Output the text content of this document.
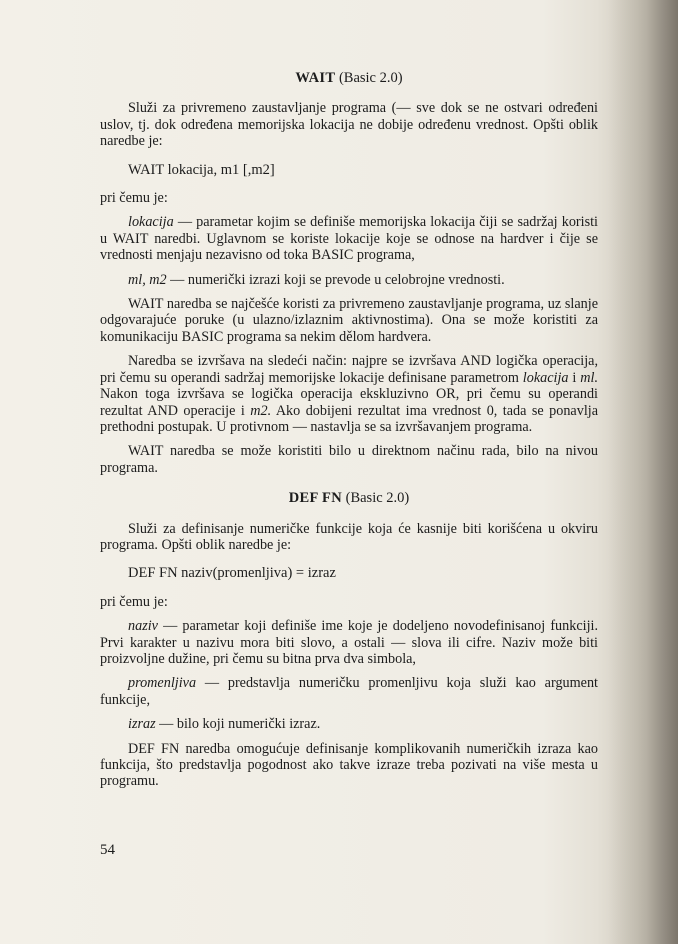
WAIT (Basic 2.0)

Služi za privremeno zaustavljanje programa (— sve dok se ne ostvari određeni uslov, tj. dok određena memorijska lokacija ne dobije određenu vrednost. Opšti oblik naredbe je:

WAIT lokacija, m1 [,m2]

pri čemu je:

lokacija — parametar kojim se definiše memorijska lokacija čiji se sadržaj koristi u WAIT naredbi. Uglavnom se koriste lokacije koje se odnose na hardver i čije se vrednosti menjaju nezavisno od toka BASIC programa,

ml, m2 — numerički izrazi koji se prevode u celobrojne vrednosti.

WAIT naredba se najčešće koristi za privremeno zaustavljanje programa, uz slanje odgovarajuće poruke (u ulazno/izlaznim aktivnostima). Ona se može koristiti za komunikaciju BASIC programa sa nekim dělom hardvera.

Naredba se izvršava na sledeći način: najpre se izvršava AND logička operacija, pri čemu su operandi sadržaj memorijske lokacije definisane parametrom lokacija i ml. Nakon toga izvršava se logička operacija ekskluzivno OR, pri čemu su operandi rezultat AND operacije i m2. Ako dobijeni rezultat ima vrednost 0, tada se ponavlja prethodni postupak. U protivnom — nastavlja se sa izvršavanjem programa.

WAIT naredba se može koristiti bilo u direktnom načinu rada, bilo na nivou programa.

DEF FN (Basic 2.0)

Služi za definisanje numeričke funkcije koja će kasnije biti korišćena u okviru programa. Opšti oblik naredbe je:

DEF FN naziv(promenljiva) = izraz

pri čemu je:

naziv — parametar koji definiše ime koje je dodeljeno novodefinisanoj funkciji. Prvi karakter u nazivu mora biti slovo, a ostali — slova ili cifre. Naziv može biti proizvoljne dužine, pri čemu su bitna prva dva simbola,

promenljiva — predstavlja numeričku promenljivu koja služi kao argument funkcije,

izraz — bilo koji numerički izraz.

DEF FN naredba omogućuje definisanje komplikovanih numeričkih izraza kao funkcija, što predstavlja pogodnost ako takve izraze treba pozivati na više mesta u programu.

54
